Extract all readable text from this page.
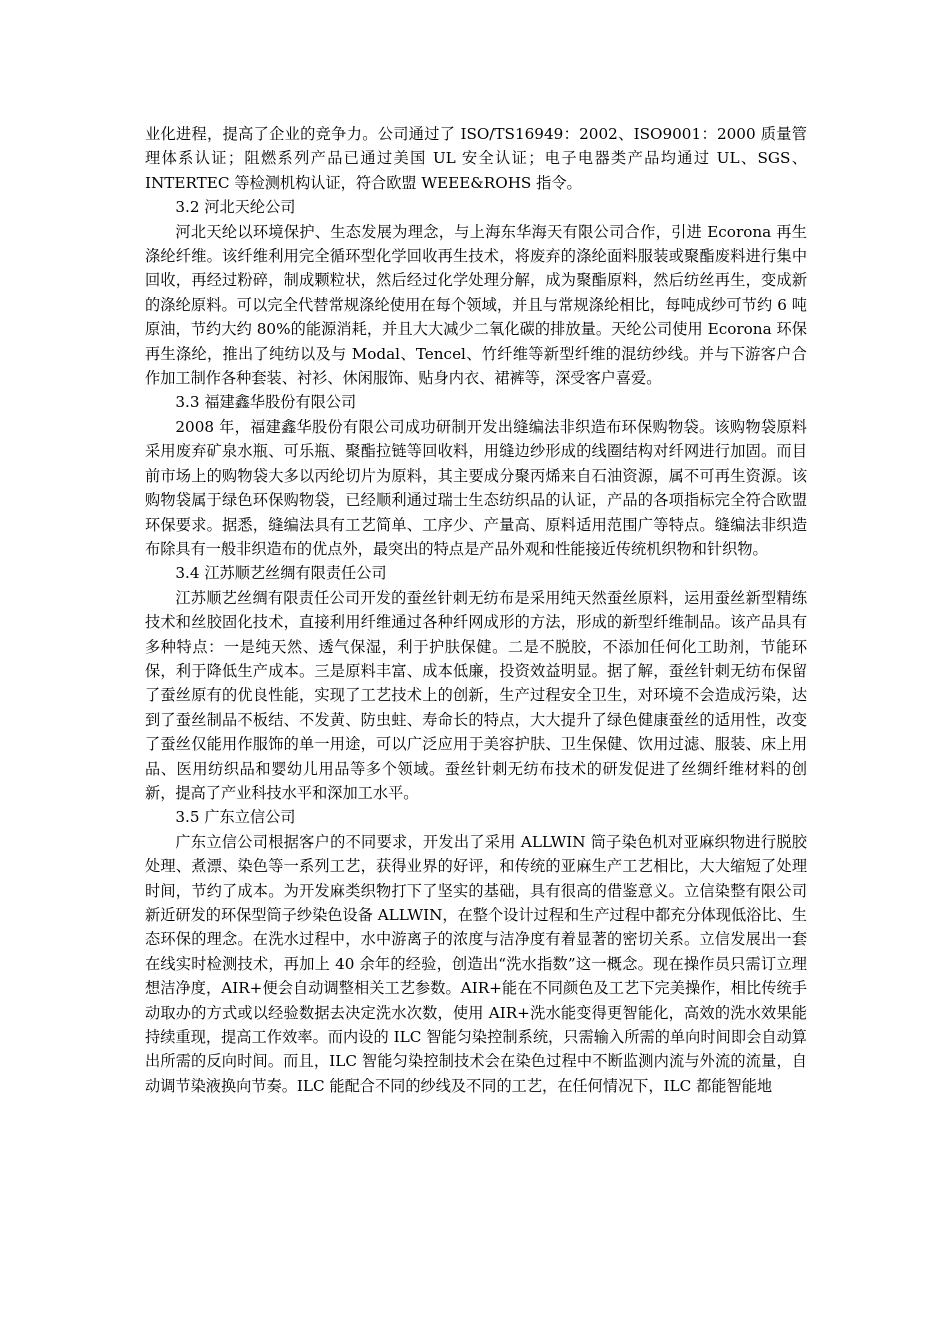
业化进程，提高了企业的竞争力。公司通过了 ISO/TS16949：2002、ISO9001：2000 质量管理体系认证；阻燃系列产品已通过美国 UL 安全认证；电子电器类产品均通过 UL、SGS、INTERTEC 等检测机构认证，符合欧盟 WEEE&ROHS 指令。

3.2 河北天纶公司

河北天纶以环境保护、生态发展为理念，与上海东华海天有限公司合作，引进 Ecorona 再生涤纶纤维。该纤维利用完全循环型化学回收再生技术，将废弃的涤纶面料服装或聚酯废料进行集中回收，再经过粉碎，制成颗粒状，然后经过化学处理分解，成为聚酯原料，然后纺丝再生，变成新的涤纶原料。可以完全代替常规涤纶使用在每个领域，并且与常规涤纶相比，每吨成纱可节约 6 吨原油，节约大约 80%的能源消耗，并且大大减少二氧化碳的排放量。天纶公司使用 Ecorona 环保再生涤纶，推出了纯纺以及与 Modal、Tencel、竹纤维等新型纤维的混纺纱线。并与下游客户合作加工制作各种套装、衬衫、休闲服饰、贴身内衣、裙裤等，深受客户喜爱。

3.3 福建鑫华股份有限公司

2008 年，福建鑫华股份有限公司成功研制开发出缝编法非织造布环保购物袋。该购物袋原料采用废弃矿泉水瓶、可乐瓶、聚酯拉链等回收料，用缝边纱形成的线圈结构对纤网进行加固。而目前市场上的购物袋大多以丙纶切片为原料，其主要成分聚丙烯来自石油资源，属不可再生资源。该购物袋属于绿色环保购物袋，已经顺利通过瑞士生态纺织品的认证，产品的各项指标完全符合欧盟环保要求。据悉，缝编法具有工艺简单、工序少、产量高、原料适用范围广等特点。缝编法非织造布除具有一般非织造布的优点外，最突出的特点是产品外观和性能接近传统机织物和针织物。

3.4 江苏顺艺丝绸有限责任公司

江苏顺艺丝绸有限责任公司开发的蚕丝针刺无纺布是采用纯天然蚕丝原料，运用蚕丝新型精练技术和丝胶固化技术，直接利用纤维通过各种纤网成形的方法，形成的新型纤维制品。该产品具有多种特点：一是纯天然、透气保湿，利于护肤保健。二是不脱胶，不添加任何化工助剂，节能环保，利于降低生产成本。三是原料丰富、成本低廉，投资效益明显。据了解，蚕丝针刺无纺布保留了蚕丝原有的优良性能，实现了工艺技术上的创新，生产过程安全卫生，对环境不会造成污染，达到了蚕丝制品不板结、不发黄、防虫蛀、寿命长的特点，大大提升了绿色健康蚕丝的适用性，改变了蚕丝仅能用作服饰的单一用途，可以广泛应用于美容护肤、卫生保健、饮用过滤、服装、床上用品、医用纺织品和婴幼儿用品等多个领域。蚕丝针刺无纺布技术的研发促进了丝绸纤维材料的创新，提高了产业科技水平和深加工水平。

3.5 广东立信公司

广东立信公司根据客户的不同要求，开发出了采用 ALLWIN 筒子染色机对亚麻织物进行脱胶处理、煮漂、染色等一系列工艺，获得业界的好评，和传统的亚麻生产工艺相比，大大缩短了处理时间，节约了成本。为开发麻类织物打下了坚实的基础，具有很高的借鉴意义。立信染整有限公司新近研发的环保型筒子纱染色设备 ALLWIN，在整个设计过程和生产过程中都充分体现低浴比、生态环保的理念。在洗水过程中，水中游离子的浓度与洁净度有着显著的密切关系。立信发展出一套在线实时检测技术，再加上 40 余年的经验，创造出“洗水指数”这一概念。现在操作员只需订立理想洁净度，AIR+便会自动调整相关工艺参数。AIR+能在不同颜色及工艺下完美操作，相比传统手动取办的方式或以经验数据去决定洗水次数，使用 AIR+洗水能变得更智能化，高效的洗水效果能持续重现，提高工作效率。而内设的 ILC 智能匀染控制系统，只需输入所需的单向时间即会自动算出所需的反向时间。而且，ILC 智能匀染控制技术会在染色过程中不断监测内流与外流的流量，自动调节染液换向节奏。ILC 能配合不同的纱线及不同的工艺，在任何情况下，ILC 都能智能地
